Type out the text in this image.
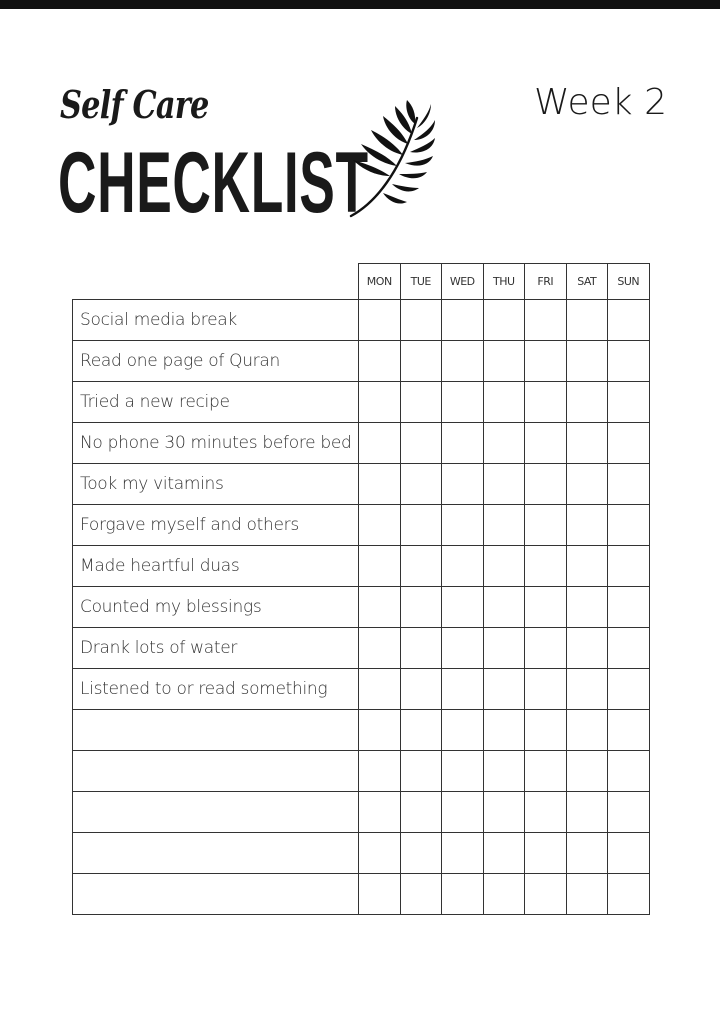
Self Care
CHECKLIST
Week 2
	MON	TUE	WED	THU	FRI	SAT	SUN
Social media break							
Read one page of Quran							
Tried a new recipe							
No phone 30 minutes before bed							
Took my vitamins							
Forgave myself and others							
Made heartful duas							
Counted my blessings							
Drank lots of water							
Listened to or read something							
